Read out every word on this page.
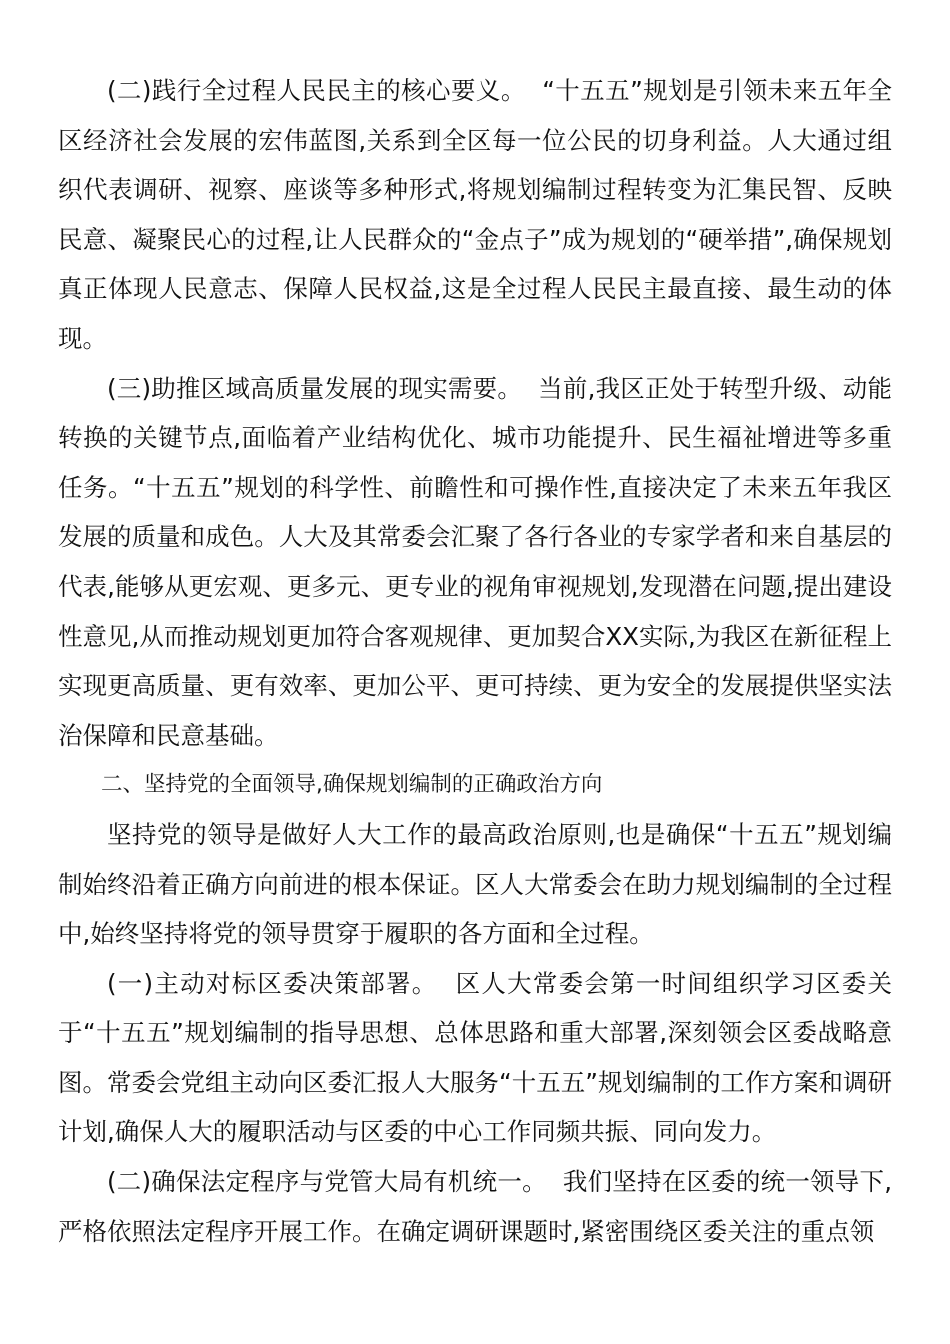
(二)践行全过程人民民主的核心要义。 “十五五”规划是引领未来五年全区经济社会发展的宏伟蓝图,关系到全区每一位公民的切身利益。人大通过组织代表调研、视察、座谈等多种形式,将规划编制过程转变为汇集民智、反映民意、凝聚民心的过程,让人民群众的“金点子”成为规划的“硬举措”,确保规划真正体现人民意志、保障人民权益,这是全过程人民民主最直接、最生动的体现。

(三)助推区域高质量发展的现实需要。 当前,我区正处于转型升级、动能转换的关键节点,面临着产业结构优化、城市功能提升、民生福祉增进等多重任务。“十五五”规划的科学性、前瞻性和可操作性,直接决定了未来五年我区发展的质量和成色。人大及其常委会汇聚了各行各业的专家学者和来自基层的代表,能够从更宏观、更多元、更专业的视角审视规划,发现潜在问题,提出建设性意见,从而推动规划更加符合客观规律、更加契合XX实际,为我区在新征程上实现更高质量、更有效率、更加公平、更可持续、更为安全的发展提供坚实法治保障和民意基础。

二、坚持党的全面领导,确保规划编制的正确政治方向

坚持党的领导是做好人大工作的最高政治原则,也是确保“十五五”规划编制始终沿着正确方向前进的根本保证。区人大常委会在助力规划编制的全过程中,始终坚持将党的领导贯穿于履职的各方面和全过程。

(一)主动对标区委决策部署。 区人大常委会第一时间组织学习区委关于“十五五”规划编制的指导思想、总体思路和重大部署,深刻领会区委战略意图。常委会党组主动向区委汇报人大服务“十五五”规划编制的工作方案和调研计划,确保人大的履职活动与区委的中心工作同频共振、同向发力。

(二)确保法定程序与党管大局有机统一。 我们坚持在区委的统一领导下,严格依照法定程序开展工作。在确定调研课题时,紧密围绕区委关注的重点领
